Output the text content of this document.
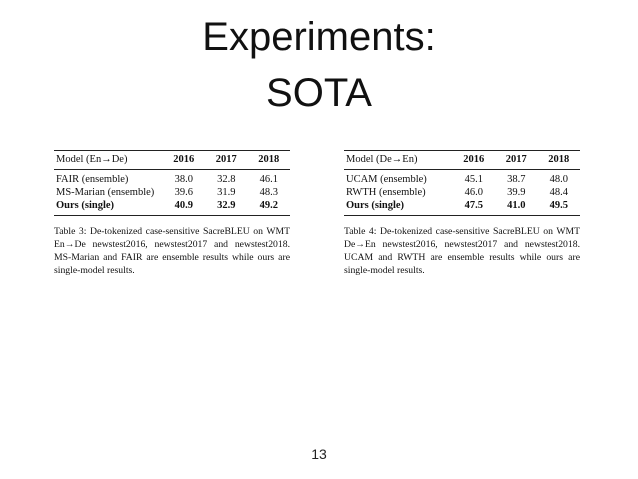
Experiments:
SOTA
Model (En→De)	2016	2017	2018
FAIR (ensemble)	38.0	32.8	46.1
MS-Marian (ensemble)	39.6	31.9	48.3
Ours (single)	40.9	32.9	49.2

Table 3: De-tokenized case-sensitive SacreBLEU on WMT En→De newstest2016, newstest2017 and newstest2018. MS-Marian and FAIR are ensemble results while ours are single-model results.

Model (De→En)	2016	2017	2018
UCAM (ensemble)	45.1	38.7	48.0
RWTH (ensemble)	46.0	39.9	48.4
Ours (single)	47.5	41.0	49.5

Table 4: De-tokenized case-sensitive SacreBLEU on WMT De→En newstest2016, newstest2017 and newstest2018. UCAM and RWTH are ensemble results while ours are single-model results.

13
